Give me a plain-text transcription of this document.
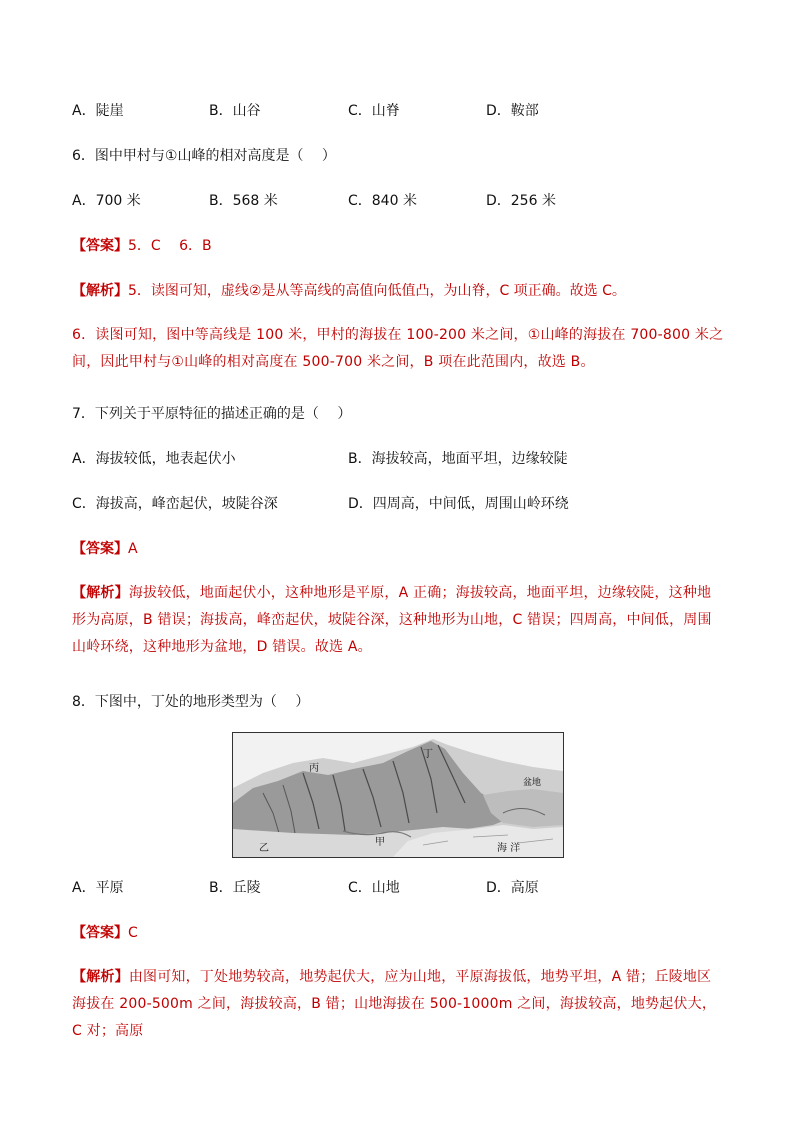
A．陡崖	B．山谷	C．山脊	D．鞍部
6．图中甲村与①山峰的相对高度是（　 ）
A．700 米	B．568 米	C．840 米	D．256 米
【答案】5．C　 6．B
【解析】5．读图可知，虚线②是从等高线的高值向低值凸，为山脊，C 项正确。故选 C。
6．读图可知，图中等高线是 100 米，甲村的海拔在 100-200 米之间，①山峰的海拔在 700-800 米之间，因此甲村与①山峰的相对高度在 500-700 米之间，B 项在此范围内，故选 B。
7．下列关于平原特征的描述正确的是（　 ）
A．海拔较低，地表起伏小	B．海拔较高，地面平坦，边缘较陡
C．海拔高，峰峦起伏，坡陡谷深	D．四周高，中间低，周围山岭环绕
【答案】A
【解析】海拔较低，地面起伏小，这种地形是平原，A 正确；海拔较高，地面平坦，边缘较陡，这种地形为高原，B 错误；海拔高，峰峦起伏，坡陡谷深，这种地形为山地，C 错误；四周高，中间低，周围山岭环绕，这种地形为盆地，D 错误。故选 A。
8．下图中，丁处的地形类型为（　 ）
丙
丁
盆地
甲
乙	海 洋
A．平原	B．丘陵	C．山地	D．高原
【答案】C
【解析】由图可知，丁处地势较高，地势起伏大，应为山地，平原海拔低，地势平坦，A 错；丘陵地区海拔在 200-500m 之间，海拔较高，B 错；山地海拔在 500-1000m 之间，海拔较高，地势起伏大，C 对；高原
